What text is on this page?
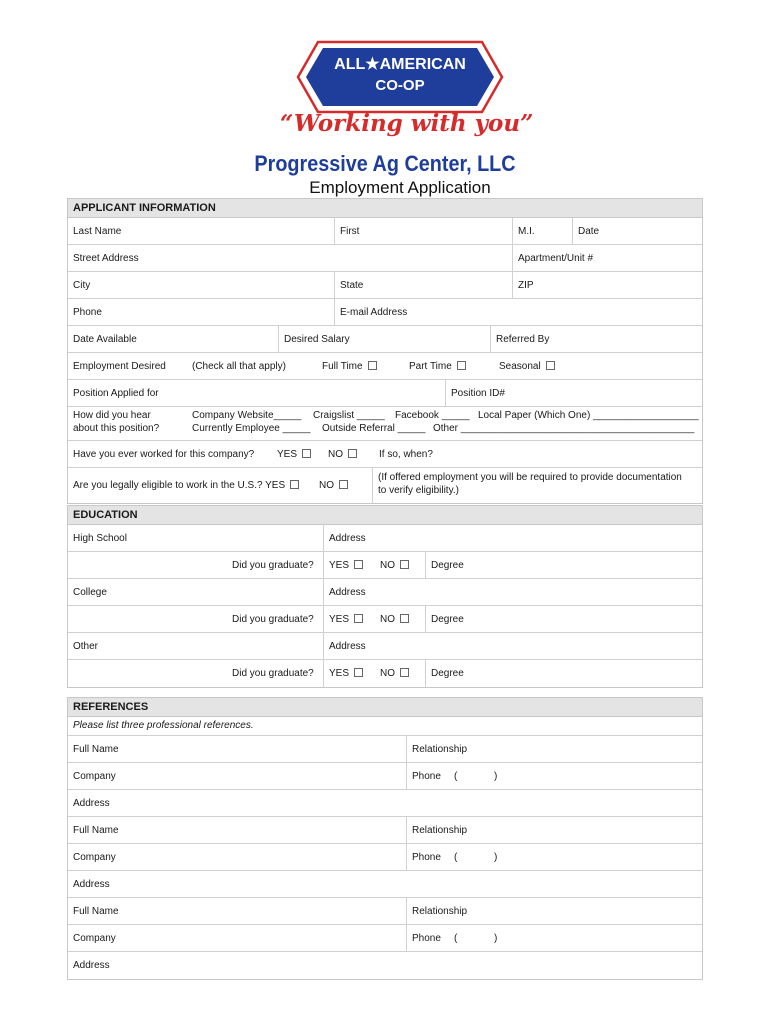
ALL★AMERICAN
CO-OP
“Working with you”
Progressive Ag Center, LLC
Employment Application
APPLICANT INFORMATION
Last Name	First	M.I.	Date
Street Address	Apartment/Unit #
City	State	ZIP
Phone	E-mail Address
Date Available	Desired Salary	Referred By
Employment Desired	(Check all that apply)	Full Time	Part Time	Seasonal
Position Applied for	Position ID#
How did you hear
about this position?
Company Website_____ Craigslist _____ Facebook _____ Local Paper (Which One) ___________________
Currently Employee _____ Outside Referral _____ Other __________________________________________
Have you ever worked for this company? YES	NO	If so, when?
Are you legally eligible to work in the U.S.? YES	NO
(If offered employment you will be required to provide documentation
to verify eligibility.)
EDUCATION
High School	Address
Did you graduate? YES	NO	Degree
College	Address
Did you graduate? YES	NO	Degree
Other	Address
Did you graduate? YES	NO	Degree
REFERENCES
Please list three professional references.
Full Name	Relationship
Company	Phone (	)
Address
Full Name	Relationship
Company	Phone (	)
Address
Full Name	Relationship
Company	Phone (	)
Address
